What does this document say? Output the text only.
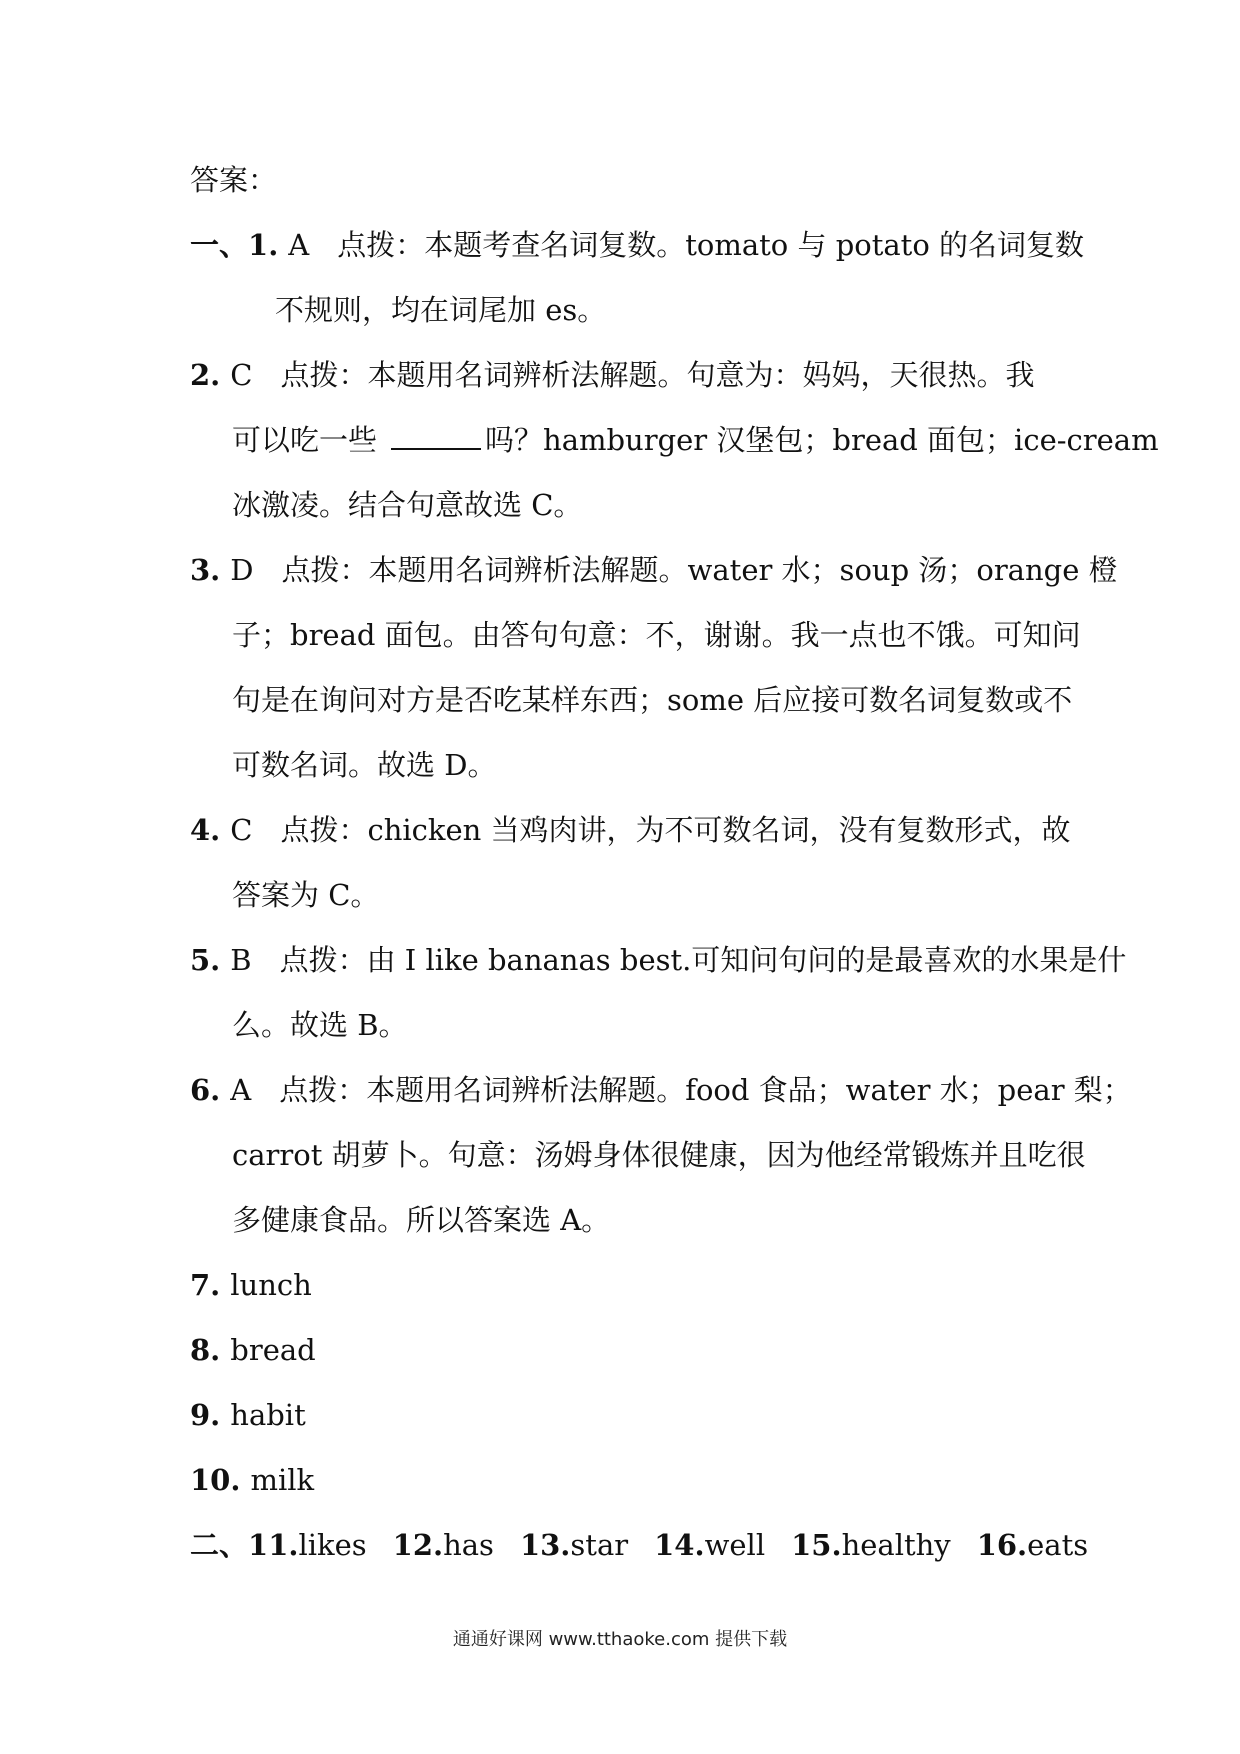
答案：
一、1. A 点拨：本题考查名词复数。tomato 与 potato 的名词复数
不规则，均在词尾加 es。
2. C 点拨：本题用名词辨析法解题。句意为：妈妈，天很热。我
可以吃一些	吗？hamburger 汉堡包；bread 面包；ice-cream
冰激凌。结合句意故选 C。
3. D 点拨：本题用名词辨析法解题。water 水；soup 汤；orange 橙
子；bread 面包。由答句句意：不，谢谢。我一点也不饿。可知问
句是在询问对方是否吃某样东西；some 后应接可数名词复数或不
可数名词。故选 D。
4. C 点拨：chicken 当鸡肉讲，为不可数名词，没有复数形式，故
答案为 C。
5. B 点拨：由 I like bananas best.可知问句问的是最喜欢的水果是什
么。故选 B。
6. A 点拨：本题用名词辨析法解题。food 食品；water 水；pear 梨；
carrot 胡萝卜。句意：汤姆身体很健康，因为他经常锻炼并且吃很
多健康食品。所以答案选 A。
7. lunch
8. bread
9. habit
10. milk
二、11.likes 12.has 13.star 14.well 15.healthy 16.eats
通通好课网 www.tthaoke.com 提供下载
